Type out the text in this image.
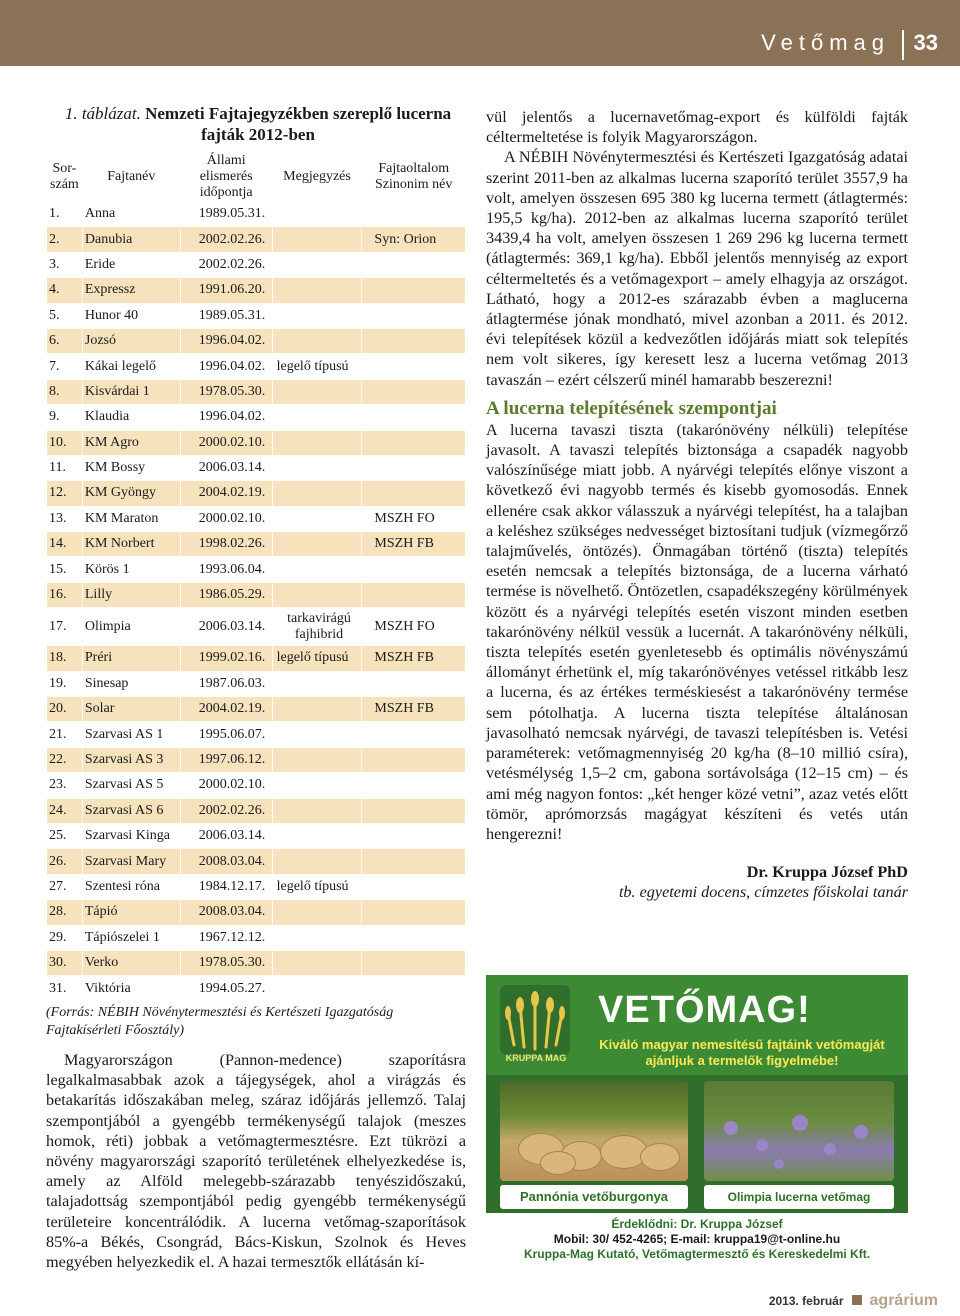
Vetőmag 33
1. táblázat. Nemzeti Fajtajegyzékben szereplő lucerna fajták 2012-ben
Sor- szám	Fajtanév	Állami elismerés időpontja	Megjegyzés	Fajtaoltalom Szinonim név
1.	Anna	1989.05.31.		
2.	Danubia	2002.02.26.		Syn: Orion
3.	Eride	2002.02.26.		
4.	Expressz	1991.06.20.		
5.	Hunor 40	1989.05.31.		
6.	Jozsó	1996.04.02.		
7.	Kákai legelő	1996.04.02.	legelő típusú	
8.	Kisvárdai 1	1978.05.30.		
9.	Klaudia	1996.04.02.		
10.	KM Agro	2000.02.10.		
11.	KM Bossy	2006.03.14.		
12.	KM Gyöngy	2004.02.19.		
13.	KM Maraton	2000.02.10.		MSZH FO
14.	KM Norbert	1998.02.26.		MSZH FB
15.	Körös 1	1993.06.04.		
16.	Lilly	1986.05.29.		
17.	Olimpia	2006.03.14.	tarkavirágú fajhibrid	MSZH FO
18.	Préri	1999.02.16.	legelő típusú	MSZH FB
19.	Sinesap	1987.06.03.		
20.	Solar	2004.02.19.		MSZH FB
21.	Szarvasi AS 1	1995.06.07.		
22.	Szarvasi AS 3	1997.06.12.		
23.	Szarvasi AS 5	2000.02.10.		
24.	Szarvasi AS 6	2002.02.26.		
25.	Szarvasi Kinga	2006.03.14.		
26.	Szarvasi Mary	2008.03.04.		
27.	Szentesi róna	1984.12.17.	legelő típusú	
28.	Tápió	2008.03.04.		
29.	Tápiószelei 1	1967.12.12.		
30.	Verko	1978.05.30.		
31.	Viktória	1994.05.27.		
(Forrás: NÉBIH Növénytermesztési és Kertészeti Igazgatóság Fajtakísérleti Főosztály)
Magyarországon (Pannon-medence) szaporításra legalkalmasabbak azok a tájegységek, ahol a virágzás és betakarítás időszakában meleg, száraz időjárás jellemző. Talaj szempontjából a gyengébb termékenységű talajok (meszes homok, réti) jobbak a vetőmagtermesztésre. Ezt tükrözi a növény magyarországi szaporító területének elhelyezkedése is, amely az Alföld melegebb-szárazabb tenyészidőszakú, talajadottság szempontjából pedig gyengébb termékenységű területeire koncentrálódik. A lucerna vetőmag-szaporítások 85%-a Békés, Csongrád, Bács-Kiskun, Szolnok és Heves megyében helyezkedik el. A hazai termesztők ellátásán kí-

vül jelentős a lucernavetőmag-export és külföldi fajták céltermeltetése is folyik Magyarországon.

A NÉBIH Növénytermesztési és Kertészeti Igazgatóság adatai szerint 2011-ben az alkalmas lucerna szaporító terület 3557,9 ha volt, amelyen összesen 695 380 kg lucerna termett (átlagtermés: 195,5 kg/ha). 2012-ben az alkalmas lucerna szaporító terület 3439,4 ha volt, amelyen összesen 1 269 296 kg lucerna termett (átlagtermés: 369,1 kg/ha). Ebből jelentős mennyiség az export céltermeltetés és a vetőmagexport – amely elhagyja az országot. Látható, hogy a 2012-es szárazabb évben a maglucerna átlagtermése jónak mondható, mivel azonban a 2011. és 2012. évi telepítések közül a kedvezőtlen időjárás miatt sok telepítés nem volt sikeres, így keresett lesz a lucerna vetőmag 2013 tavaszán – ezért célszerű minél hamarabb beszerezni!

A lucerna telepítésének szempontjai

A lucerna tavaszi tiszta (takarónövény nélküli) telepítése javasolt. A tavaszi telepítés biztonsága a csapadék nagyobb valószínűsége miatt jobb. A nyárvégi telepítés előnye viszont a következő évi nagyobb termés és kisebb gyomosodás. Ennek ellenére csak akkor válasszuk a nyárvégi telepítést, ha a talajban a keléshez szükséges nedvességet biztosítani tudjuk (vízmegőrző talajművelés, öntözés). Önmagában történő (tiszta) telepítés esetén nemcsak a telepítés biztonsága, de a lucerna várható termése is növelhető. Öntözetlen, csapadékszegény körülmények között és a nyárvégi telepítés esetén viszont minden esetben takarónövény nélkül vessük a lucernát. A takarónövény nélküli, tiszta telepítés esetén gyenletesebb és optimális növényszámú állományt érhetünk el, míg takarónövényes vetéssel ritkább lesz a lucerna, és az értékes terméskiesést a takarónövény termése sem pótolhatja. A lucerna tiszta telepítése általánosan javasolható nemcsak nyárvégi, de tavaszi telepítésben is. Vetési paraméterek: vetőmagmennyiség 20 kg/ha (8–10 millió csíra), vetésmélység 1,5–2 cm, gabona sortávolsága (12–15 cm) – és ami még nagyon fontos: „két henger közé vetni”, azaz vetés előtt tömör, aprómorzsás magágyat készíteni és vetés után hengerezni!

Dr. Kruppa József PhD
tb. egyetemi docens, címzetes főiskolai tanár
KRUPPA MAG
VETŐMAG!
Kiváló magyar nemesítésű fajtáink vetőmagját ajánljuk a termelők figyelmébe!
Pannónia vetőburgonya	Olimpia lucerna vetőmag
Érdeklődni: Dr. Kruppa József
Mobil: 30/ 452-4265; E-mail: kruppa19@t-online.hu
Kruppa-Mag Kutató, Vetőmagtermesztő és Kereskedelmi Kft.
2013. február agrárium
